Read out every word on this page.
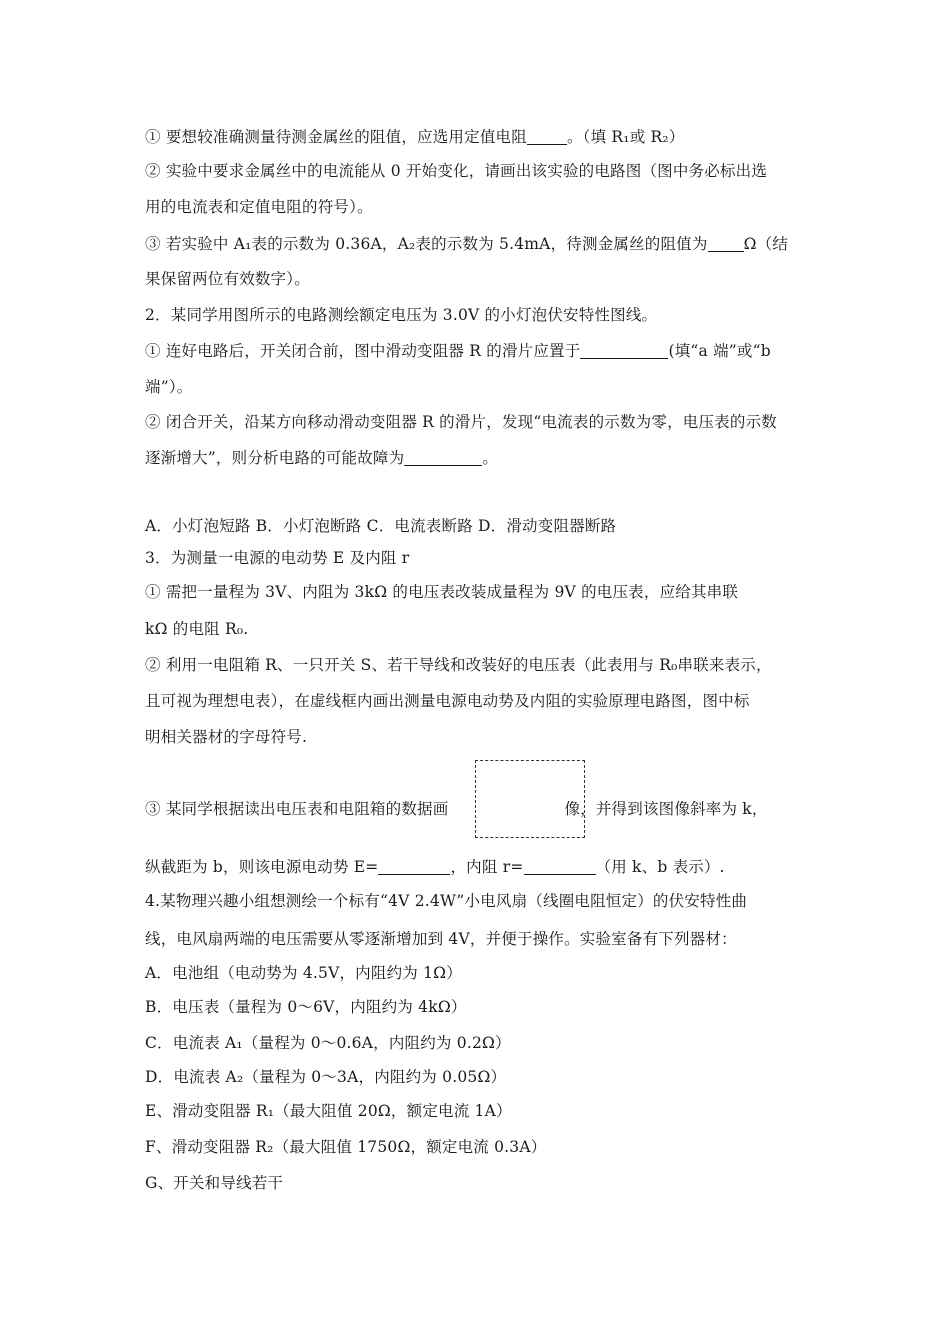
① 要想较准确测量待测金属丝的阻值，应选用定值电阻	。（填 R₁或 R₂）
② 实验中要求金属丝中的电流能从 0 开始变化，请画出该实验的电路图（图中务必标出选
用的电流表和定值电阻的符号）。
③ 若实验中 A₁表的示数为 0.36A，A₂表的示数为 5.4mA，待测金属丝的阻值为 Ω（结
果保留两位有效数字）。
2．某同学用图所示的电路测绘额定电压为 3.0V 的小灯泡伏安特性图线。
① 连好电路后，开关闭合前，图中滑动变阻器 R 的滑片应置于	(填“a 端”或“b
端”）。
② 闭合开关，沿某方向移动滑动变阻器 R 的滑片，发现“电流表的示数为零，电压表的示数
逐渐增大”，则分析电路的可能故障为	。
A．小灯泡短路 B．小灯泡断路 C．电流表断路 D．滑动变阻器断路
3．为测量一电源的电动势 E 及内阻 r
① 需把一量程为 3V、内阻为 3kΩ 的电压表改装成量程为 9V 的电压表，应给其串联
kΩ 的电阻 R₀.
② 利用一电阻箱 R、一只开关 S、若干导线和改装好的电压表（此表用与 R₀串联来表示，
且可视为理想电表），在虚线框内画出测量电源电动势及内阻的实验原理电路图，图中标
明相关器材的字母符号.
③ 某同学根据读出电压表和电阻箱的数据画	像，并得到该图像斜率为 k，
纵截距为 b，则该电源电动势 E=	，内阻 r=	（用 k、b 表示）.
4.某物理兴趣小组想测绘一个标有“4V 2.4W”小电风扇（线圈电阻恒定）的伏安特性曲
线，电风扇两端的电压需要从零逐渐增加到 4V，并便于操作。实验室备有下列器材：
A．电池组（电动势为 4.5V，内阻约为 1Ω）
B．电压表（量程为 0～6V，内阻约为 4kΩ）
C．电流表 A₁（量程为 0～0.6A，内阻约为 0.2Ω）
D．电流表 A₂（量程为 0～3A，内阻约为 0.05Ω）
E、滑动变阻器 R₁（最大阻值 20Ω，额定电流 1A）
F、滑动变阻器 R₂（最大阻值 1750Ω，额定电流 0.3A）
G、开关和导线若干
